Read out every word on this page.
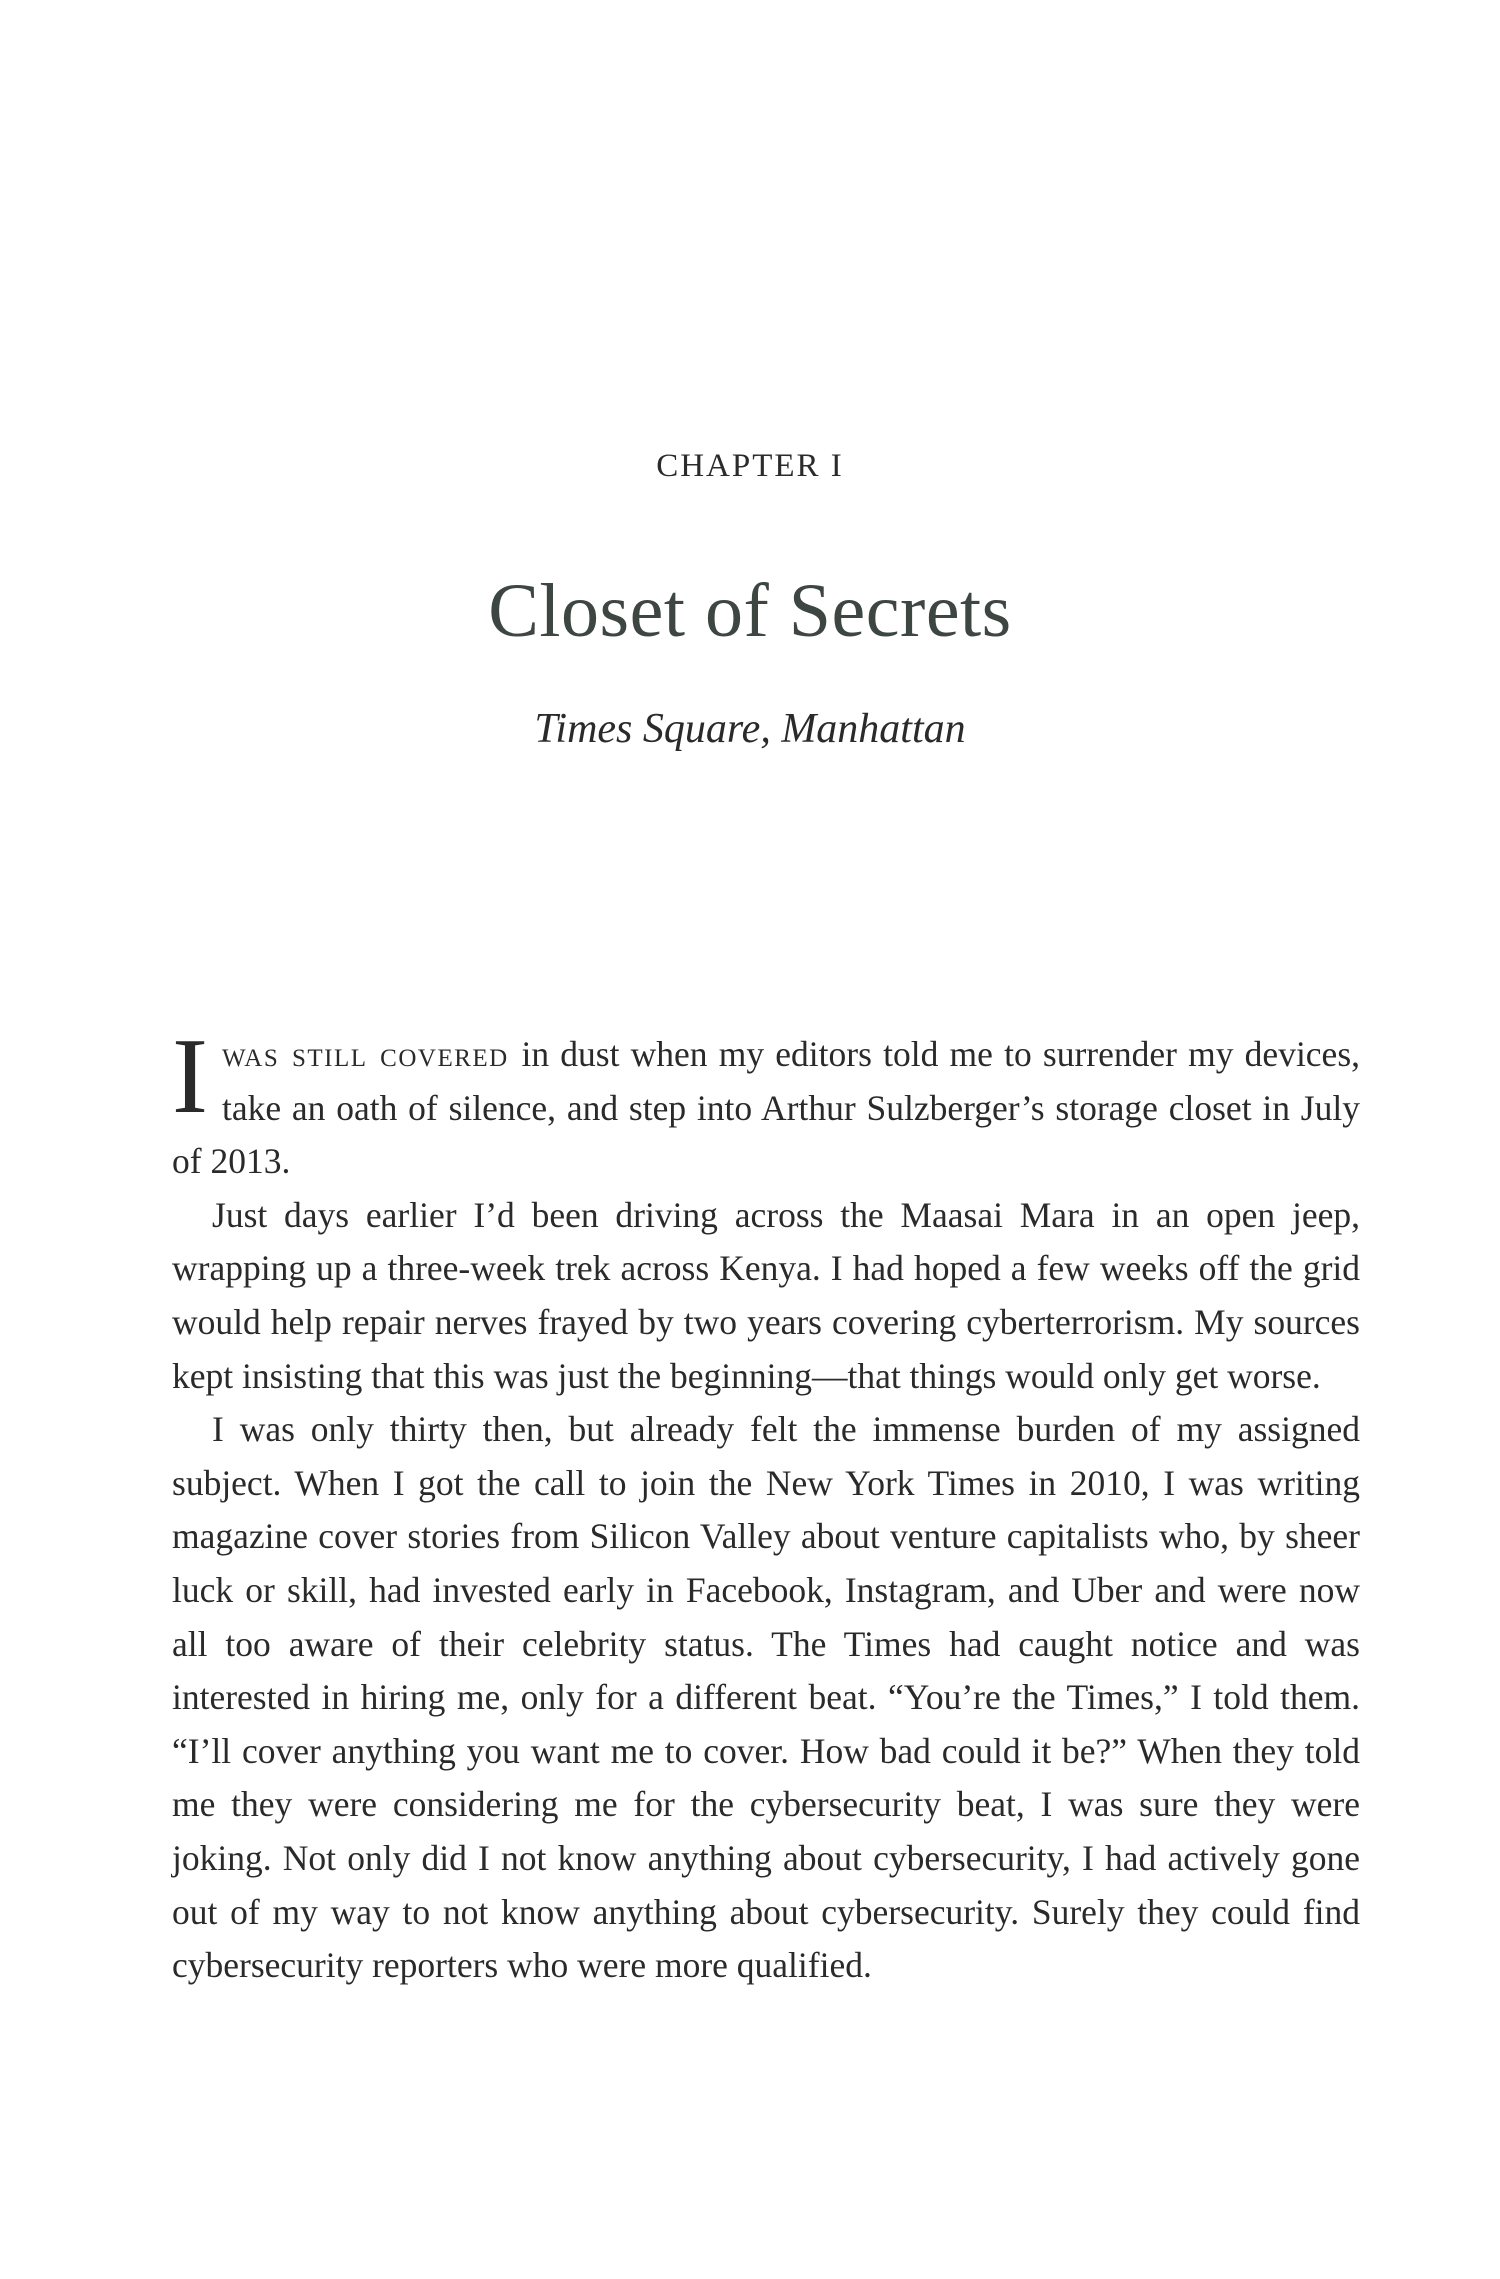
CHAPTER I
Closet of Secrets
Times Square, Manhattan

Iwas still covered in dust when my editors told me to surrender my devices, take an oath of silence, and step into Arthur Sulzberger’s storage closet in July of 2013.

Just days earlier I’d been driving across the Maasai Mara in an open jeep, wrapping up a three-week trek across Kenya. I had hoped a few weeks off the grid would help repair nerves frayed by two years covering cyberterrorism. My sources kept insisting that this was just the beginning—that things would only get worse.

I was only thirty then, but already felt the immense burden of my assigned subject. When I got the call to join the New York Times in 2010, I was writing magazine cover stories from Silicon Valley about venture capitalists who, by sheer luck or skill, had invested early in Facebook, Instagram, and Uber and were now all too aware of their celebrity status. The Times had caught notice and was interested in hiring me, only for a different beat. “You’re the Times,” I told them. “I’ll cover anything you want me to cover. How bad could it be?” When they told me they were considering me for the cybersecurity beat, I was sure they were joking. Not only did I not know anything about cybersecurity, I had actively gone out of my way to not know anything about cybersecurity. Surely they could find cybersecurity reporters who were more qualified.
